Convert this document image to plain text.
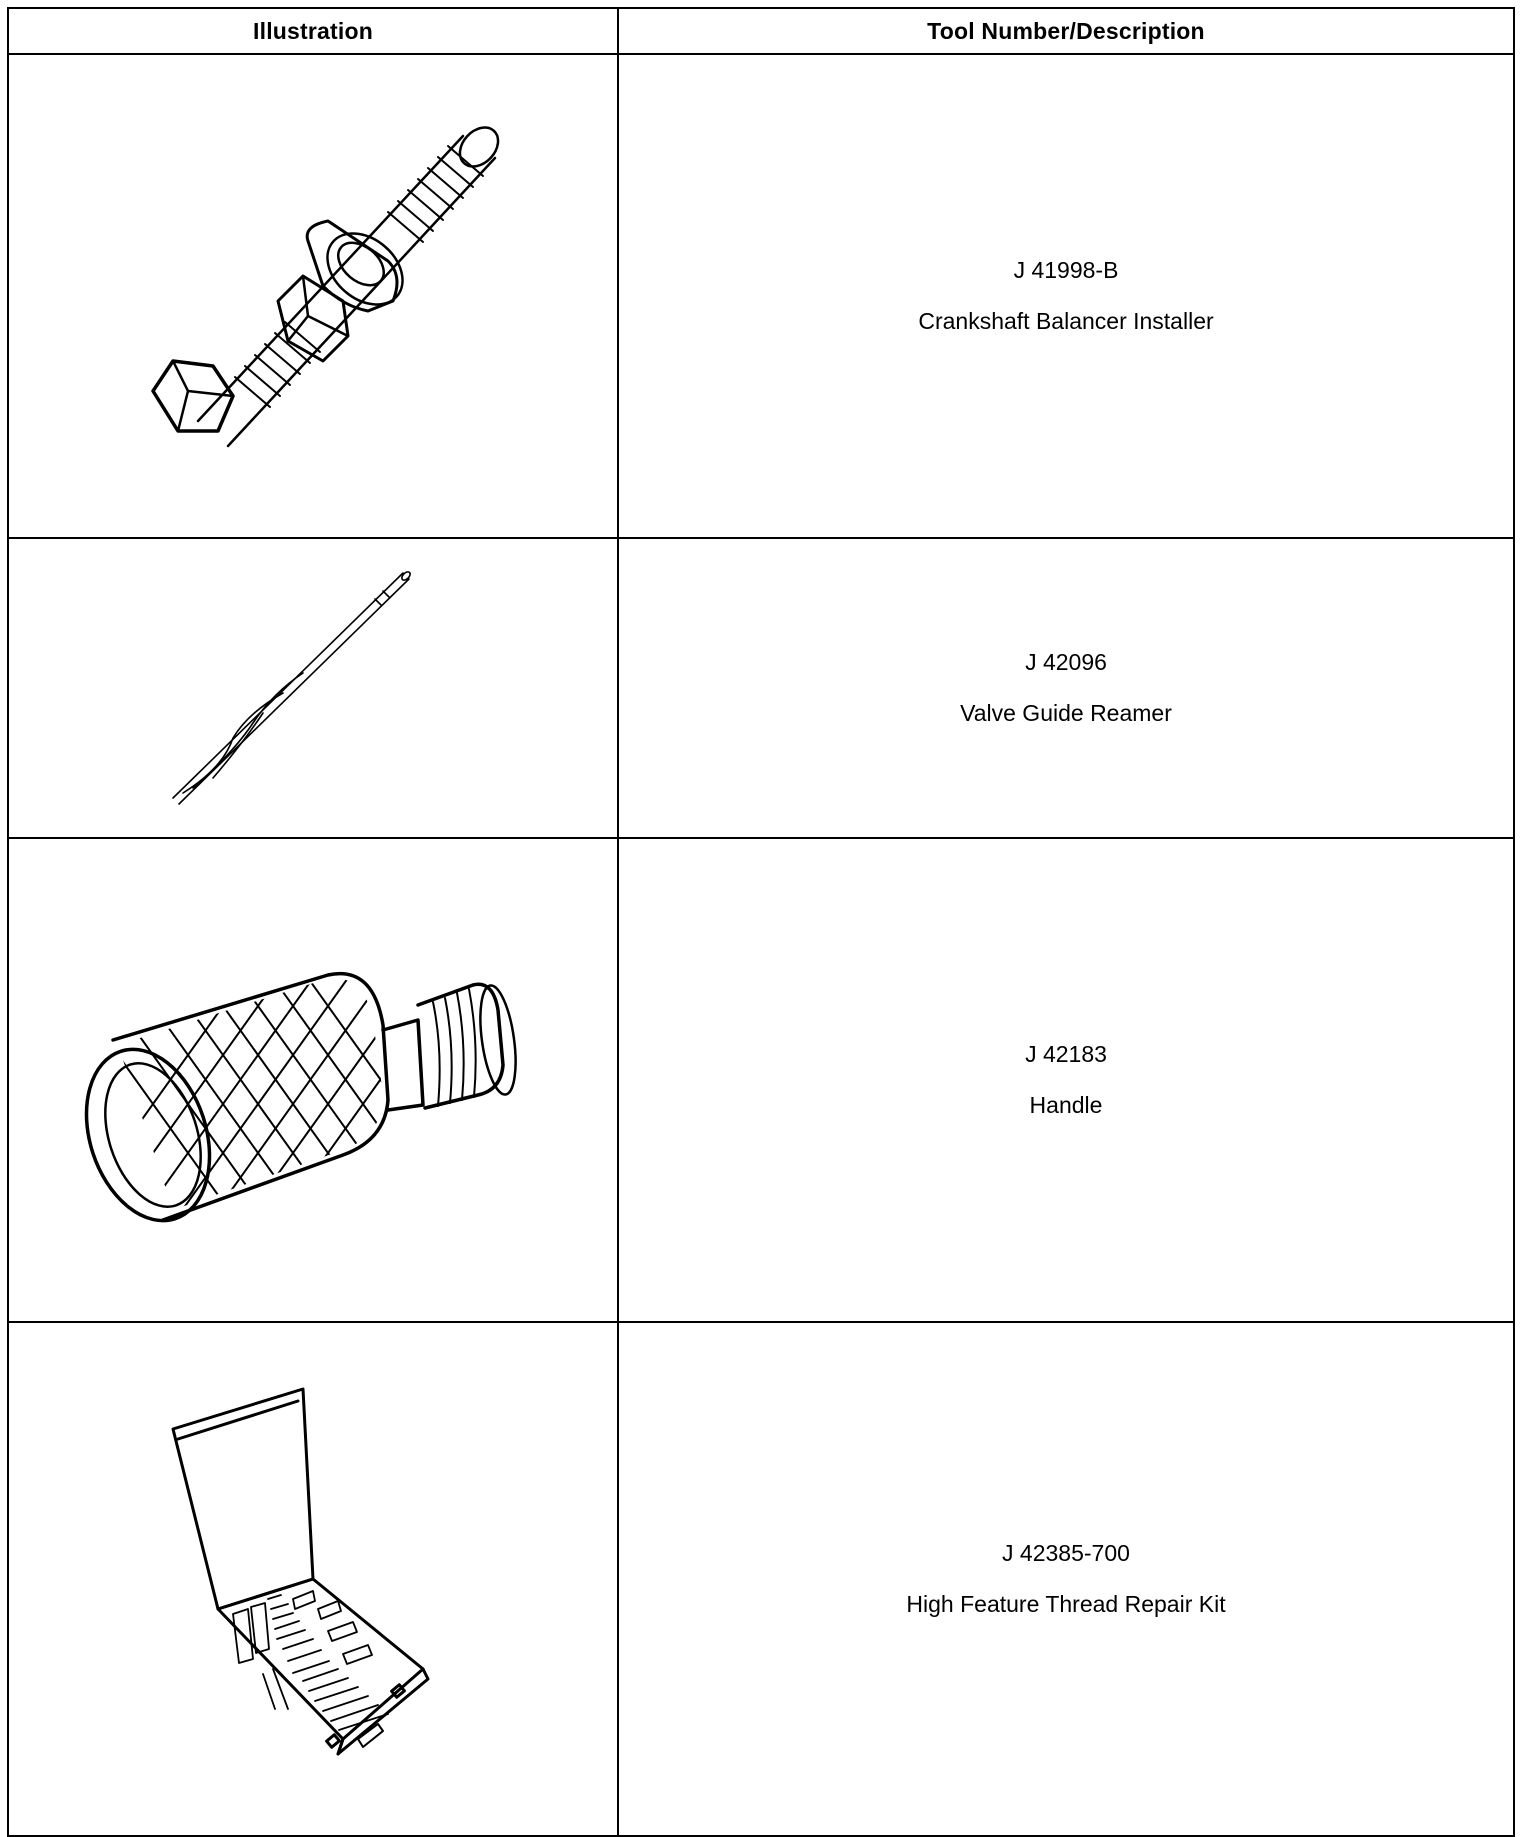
Illustration	Tool Number/Description

J 41998-B
Crankshaft Balancer Installer

J 42096
Valve Guide Reamer

J 42183
Handle

J 42385-700
High Feature Thread Repair Kit
